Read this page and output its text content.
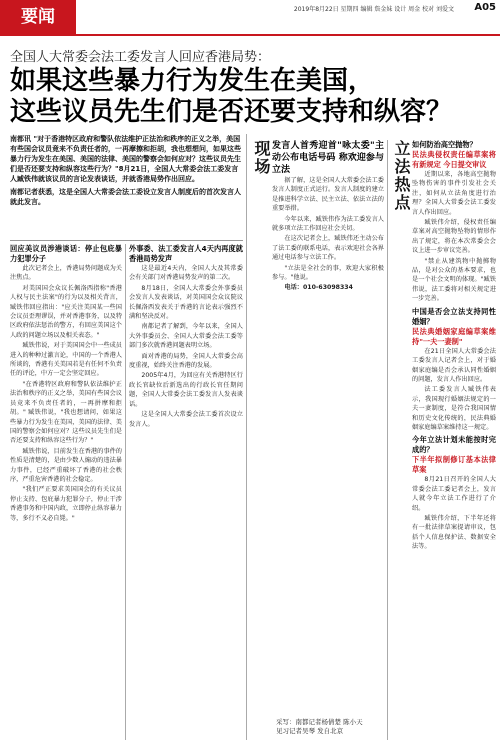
要闻	2019年8月22日 星期四 编辑 詹金妹 设计 周金 校对 刘爱文 A05
全国人大常委会法工委发言人回应香港局势：
如果这些暴力行为发生在美国，
这些议员先生们是否还要支持和纵容？
南都讯 "对于香港特区政府和警队依法维护正法治和秩序的正义之举，美国有些国会议员竟来不负责任者的，一再摩擦和拒胡，我也想想问，如果这些暴力行为发生在美国、美国的法律、美国的警察会如何应对？这些议员先生们是否还要支持和纵容这些行为？"8月21日，全国人大常委会法工委发言人臧铁伟就该议员的言论发表谈话，并就香港局势作出回应。
南都记者获悉，这是全国人大常委会法工委设立发言人制度后的首次发言人就此发言。
回应美议员涉港谈话：停止包庇暴力犯罪分子

此次记者会上，香港局势问题成为关注焦点。

对美国国会众议长佩洛西指称"香港人权与民主法案"的行为以及相关背言，臧铁伟回应指出："应关注美国某一些国会议员歪理谬误，并对香港事务，以及特区政府依法惩治的警方，有回应美国这个人政的问题立场以及相关表态。"

臧铁伟说，对于美国国会中一些成员进入的种种过激言论，中国的一个香港人所谈的，香港有关美国若是有任何不负责任的评论，中方一定会坚定回应。

"在香港特区政府和警队依法维护正法治和秩序的正义之举，美国有些国会议员竟来不负责任者的，一再拼摩和拒胡。" 臧铁伟说，"我也想请问，如果这些暴力行为发生在美国，美国的法律、美国的警察会如何应对？这些议员先生们是否还要支持和纵容这些行为？"

臧铁伟说，目前发生在香港的事件的性质是清楚的，是由少数人煽动的违法暴力事件，已经严重破坏了香港的社会秩序，严重危害香港的社会稳定。

"我们严正要求美国国会的有关议员停止支持、包庇暴力犯罪分子，停止干涉香港事务和中国内政，立即停止纵容暴力等，多行不义必自毙。"

外事委、法工委发言人4天内再度就香港局势发声

这是最近4天内，全国人大及其常委会有关部门对香港局势发声的第二次。

8月18日，全国人大常委会外事委员会发言人发表谈话，对美国国会众议院议长佩洛西发表关于香港的言论表示强烈不满和坚决反对。

南都记者了解到，今年以来，全国人大外事委员会、全国人大常委会法工委等部门多次就香港问题表明立场。

面对香港的局势，全国人大常委会高度重视，始终关注香港的发展。

2005年4月，为回应有关香港特区行政长官缺位后新选出的行政长官任期问题，全国人大常委会法工委发言人发表谈话。

这是全国人大常委会法工委首次设立发言人。

现场 发言人首秀迎首"咏太委"主动公布电话号码 称欢迎参与立法

据了解，这是全国人大常委会法工委发言人制度正式运行。发言人制度的建立是推进科学立法、民主立法、依法立法的重要举措。

今年以来，臧铁伟作为法工委发言人就多项立法工作回应社会关切。

在这次记者会上，臧铁伟还主动公布了法工委的联系电话，表示欢迎社会各界通过电话参与立法工作。

"立法是全社会的事，欢迎大家积极参与。"他说。

电话：010-63098334

采写：南都记者杨倩楚 陈小天
见习记者吴琴 发自北京
立法热点 如何防治高空抛物？
民法典侵权责任编草案将有新规定 今日提交审议

近期以来，各地高空抛物坠物伤害的事件引发社会关注，如何从立法角度进行治理？全国人大常委会法工委发言人作出回应。

臧铁伟介绍，侵权责任编草案对高空抛物坠物的情形作出了规定，将在本次常委会会议上进一步审议完善。

"禁止从建筑物中抛掷物品，是对公众的基本要求，也是一个社会文明的体现。"臧铁伟说，法工委将对相关规定进一步完善。

中国是否会立法支持同性婚姻？
民法典婚姻家庭编草案维持"一夫一妻制"

在21日全国人大常委会法工委发言人记者会上，对于婚姻家庭编是否会承认同性婚姻的问题，发言人作出回应。

法工委发言人臧铁伟表示，我国现行婚姻法规定的一夫一妻制度，是符合我国国情和历史文化传统的，民法典婚姻家庭编草案维持这一规定。

今年立法计划未能按时完成的？
下半年拟制修订基本法律草案

8月21日召开的全国人大常委会法工委记者会上，发言人就今年立法工作进行了介绍。

臧铁伟介绍，下半年还将有一批法律草案提请审议，包括个人信息保护法、数据安全法等。
